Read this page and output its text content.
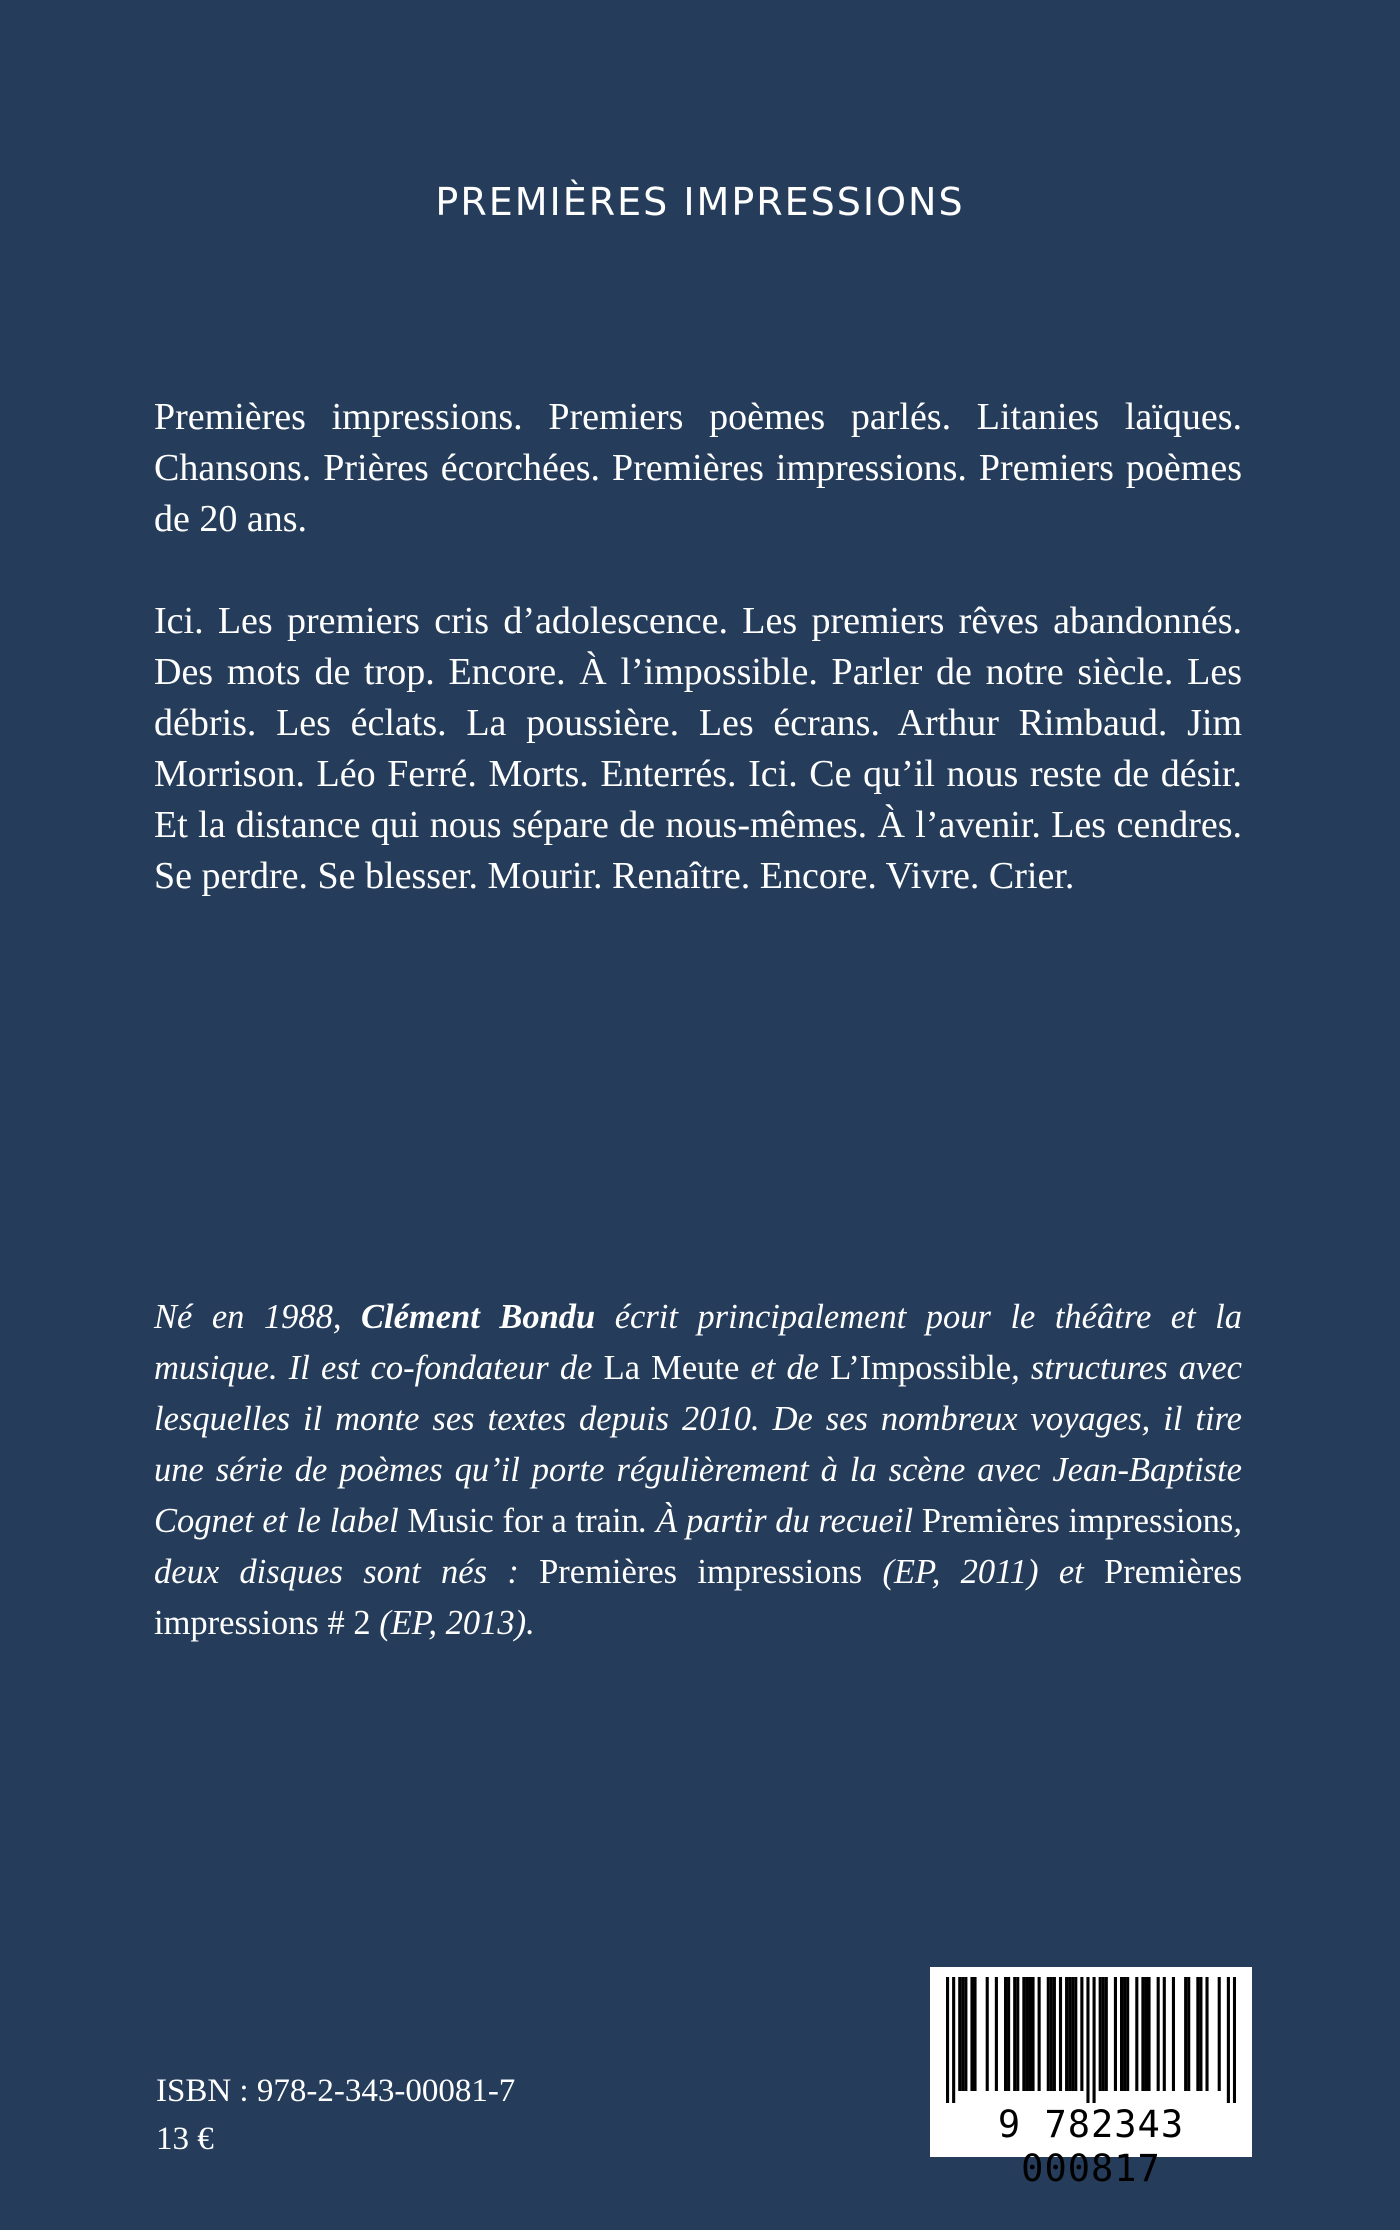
PREMIÈRES IMPRESSIONS

Premières impressions. Premiers poèmes parlés. Litanies laïques. Chansons. Prières écorchées. Premières impressions. Premiers poèmes de 20 ans.

Ici. Les premiers cris d’adolescence. Les premiers rêves abandonnés. Des mots de trop. Encore. À l’impossible. Parler de notre siècle. Les débris. Les éclats. La poussière. Les écrans. Arthur Rimbaud. Jim Morrison. Léo Ferré. Morts. Enterrés. Ici. Ce qu’il nous reste de désir. Et la distance qui nous sépare de nous-mêmes. À l’avenir. Les cendres. Se perdre. Se blesser. Mourir. Renaître. Encore. Vivre. Crier.

Né en 1988, Clément Bondu écrit principalement pour le théâtre et la musique. Il est co-fondateur de La Meute et de L’Impossible, structures avec lesquelles il monte ses textes depuis 2010. De ses nombreux voyages, il tire une série de poèmes qu’il porte régulièrement à la scène avec Jean-Baptiste Cognet et le label Music for a train. À partir du recueil Premières impressions, deux disques sont nés : Premières impressions (EP, 2011) et Premières impressions # 2 (EP, 2013).

ISBN : 978-2-343-00081-7
13 €	9 782343 000817
